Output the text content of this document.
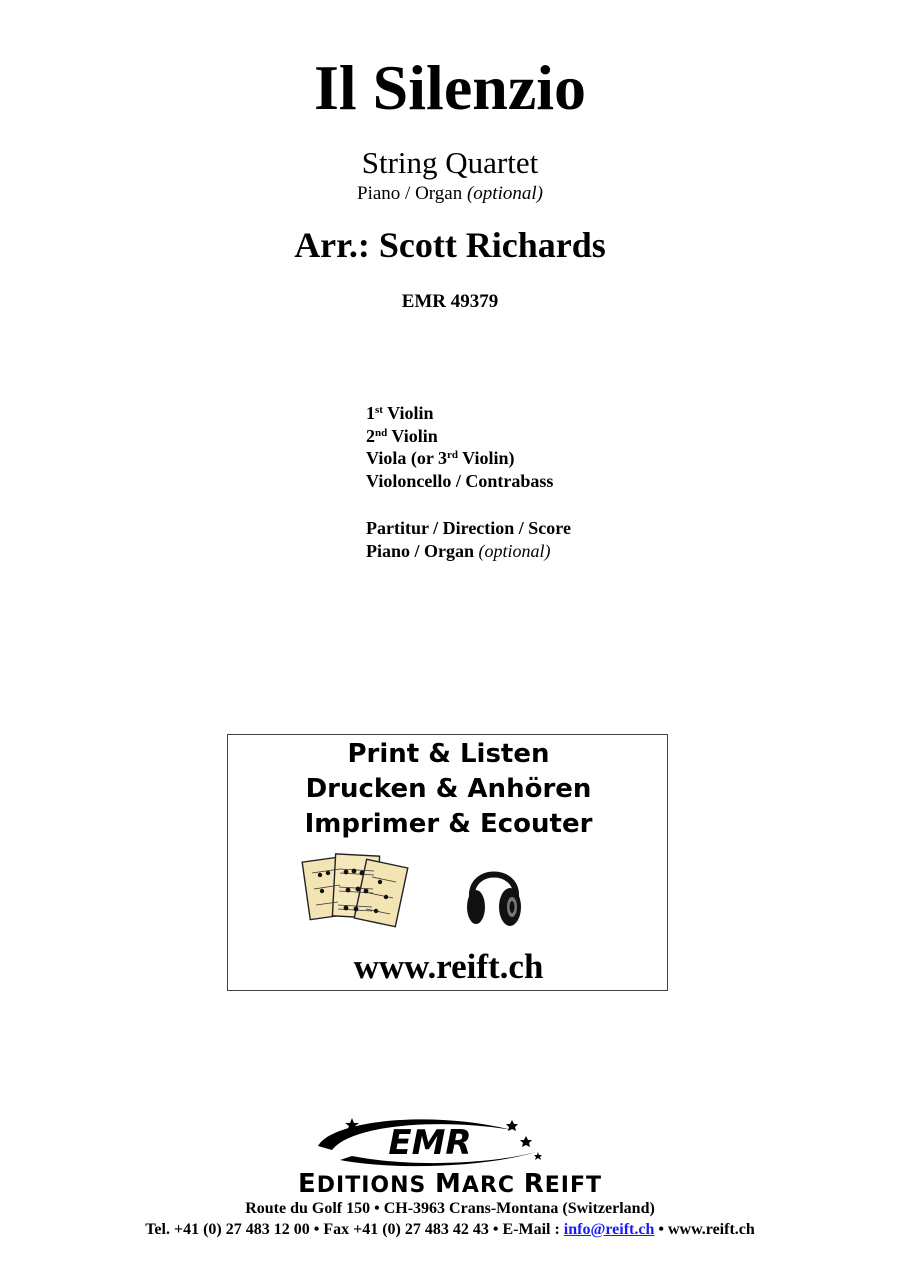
Il Silenzio
String Quartet
Piano / Organ (optional)
Arr.: Scott Richards
EMR 49379
1st Violin
2nd Violin
Viola (or 3rd Violin)
Violoncello / Contrabass
Partitur / Direction / Score
Piano / Organ (optional)
Print & Listen
Drucken & Anhören
Imprimer & Ecouter
www.reift.ch
EMR
EDITIONS MARC REIFT
Route du Golf 150 • CH-3963 Crans-Montana (Switzerland)
Tel. +41 (0) 27 483 12 00 • Fax +41 (0) 27 483 42 43 • E-Mail : info@reift.ch • www.reift.ch
